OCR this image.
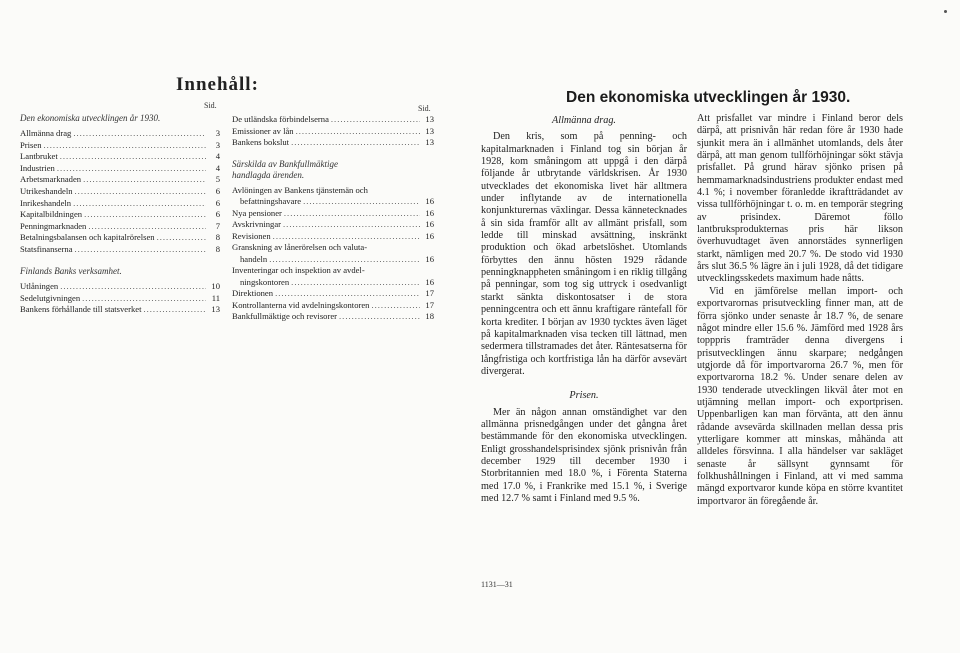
Innehåll:
Sid.
Den ekonomiska utvecklingen år 1930.
Allmänna drag .....	3
Prisen .....	3
Lantbruket .....	4
Industrien .....	4
Arbetsmarknaden .....	5
Utrikeshandeln .....	6
Inrikeshandeln .....	6
Kapitalbildningen .....	6
Penningmarknaden .....	7
Betalningsbalansen och kapitalrörelsen .....	8
Statsfinanserna .....	8
Finlands Banks verksamhet.
Utlåningen .....	10
Sedelutgivningen .....	11
Bankens förhållande till statsverket .....	13
Sid.
De utländska förbindelserna .....	13
Emissioner av lån .....	13
Bankens bokslut .....	13
Särskilda av Bankfullmäktige handlagda ärenden.
Avlöningen av Bankens tjänstemän och
befattningshavare .....	16
Nya pensioner .....	16
Avskrivningar .....	16
Revisionen .....	16
Granskning av lånerörelsen och valuta-
handeln .....	16
Inventeringar och inspektion av avdel-
ningskontoren .....	16
Direktionen .....	17
Kontrollanterna vid avdelningskontoren .....	17
Bankfullmäktige och revisorer .....	18
Den ekonomiska utvecklingen år 1930.
Allmänna drag.

Den kris, som på penning- och kapitalmarknaden i Finland tog sin början år 1928, kom småningom att uppgå i den därpå följande år utbrytande världskrisen. År 1930 utvecklades det ekonomiska livet här alltmera under inflytande av de internationella konjunkturernas växlingar. Dessa kännetecknades å sin sida framför allt av allmänt prisfall, som ledde till minskad avsättning, inskränkt produktion och ökad arbetslöshet. Utomlands förbyttes den ännu hösten 1929 rådande penningknappheten småningom i en riklig tillgång på penningar, som tog sig uttryck i osedvanligt starkt sänkta diskontosatser i de stora penningcentra och ett ännu kraftigare räntefall för korta krediter. I början av 1930 tycktes även läget på kapitalmarknaden visa tecken till lättnad, men sedermera tillstramades det åter. Räntesatserna för långfristiga och kortfristiga lån ha därför avsevärt divergerat.

Prisen.

Mer än någon annan omständighet var den allmänna prisnedgången under det gångna året bestämmande för den ekonomiska utvecklingen. Enligt grosshandelsprisindex sjönk prisnivån från december 1929 till december 1930 i Storbritannien med 18.0 %, i Förenta Staterna med 17.0 %, i Frankrike med 15.1 %, i Sverige med 12.7 % samt i Finland med 9.5 %.

1131—31

Att prisfallet var mindre i Finland beror dels därpå, att prisnivån här redan före år 1930 hade sjunkit mera än i allmänhet utomlands, dels åter därpå, att man genom tullförhöjningar sökt stävja prisfallet. På grund härav sjönko prisen på hemmamarknadsindustriens produkter endast med 4.1 %; i november föranledde ikraftträdandet av vissa tullförhöjningar t. o. m. en temporär stegring av prisindex. Däremot föllo lantbruksprodukternas pris här likson överhuvudtaget även annorstädes synnerligen starkt, nämligen med 20.7 %. De stodo vid 1930 års slut 36.5 % lägre än i juli 1928, då det tidigare utvecklingsskedets maximum hade nåtts.

Vid en jämförelse mellan import- och exportvarornas prisutveckling finner man, att de förra sjönko under senaste år 18.7 %, de senare något mindre eller 15.6 %. Jämförd med 1928 års topppris framträder denna divergens i prisutvecklingen ännu skarpare; nedgången utgjorde då för importvarorna 26.7 %, men för exportvarorna 18.2 %. Under senare delen av 1930 tenderade utvecklingen likväl åter mot en utjämning mellan import- och exportprisen. Uppenbarligen kan man förvänta, att den ännu rådande avsevärda skillnaden mellan dessa pris ytterligare kommer att minskas, måhända att alldeles försvinna. I alla händelser var sakläget senaste år sällsynt gynnsamt för folkhushållningen i Finland, att vi med samma mängd exportvaror kunde köpa en större kvantitet importvaror än föregående år.
